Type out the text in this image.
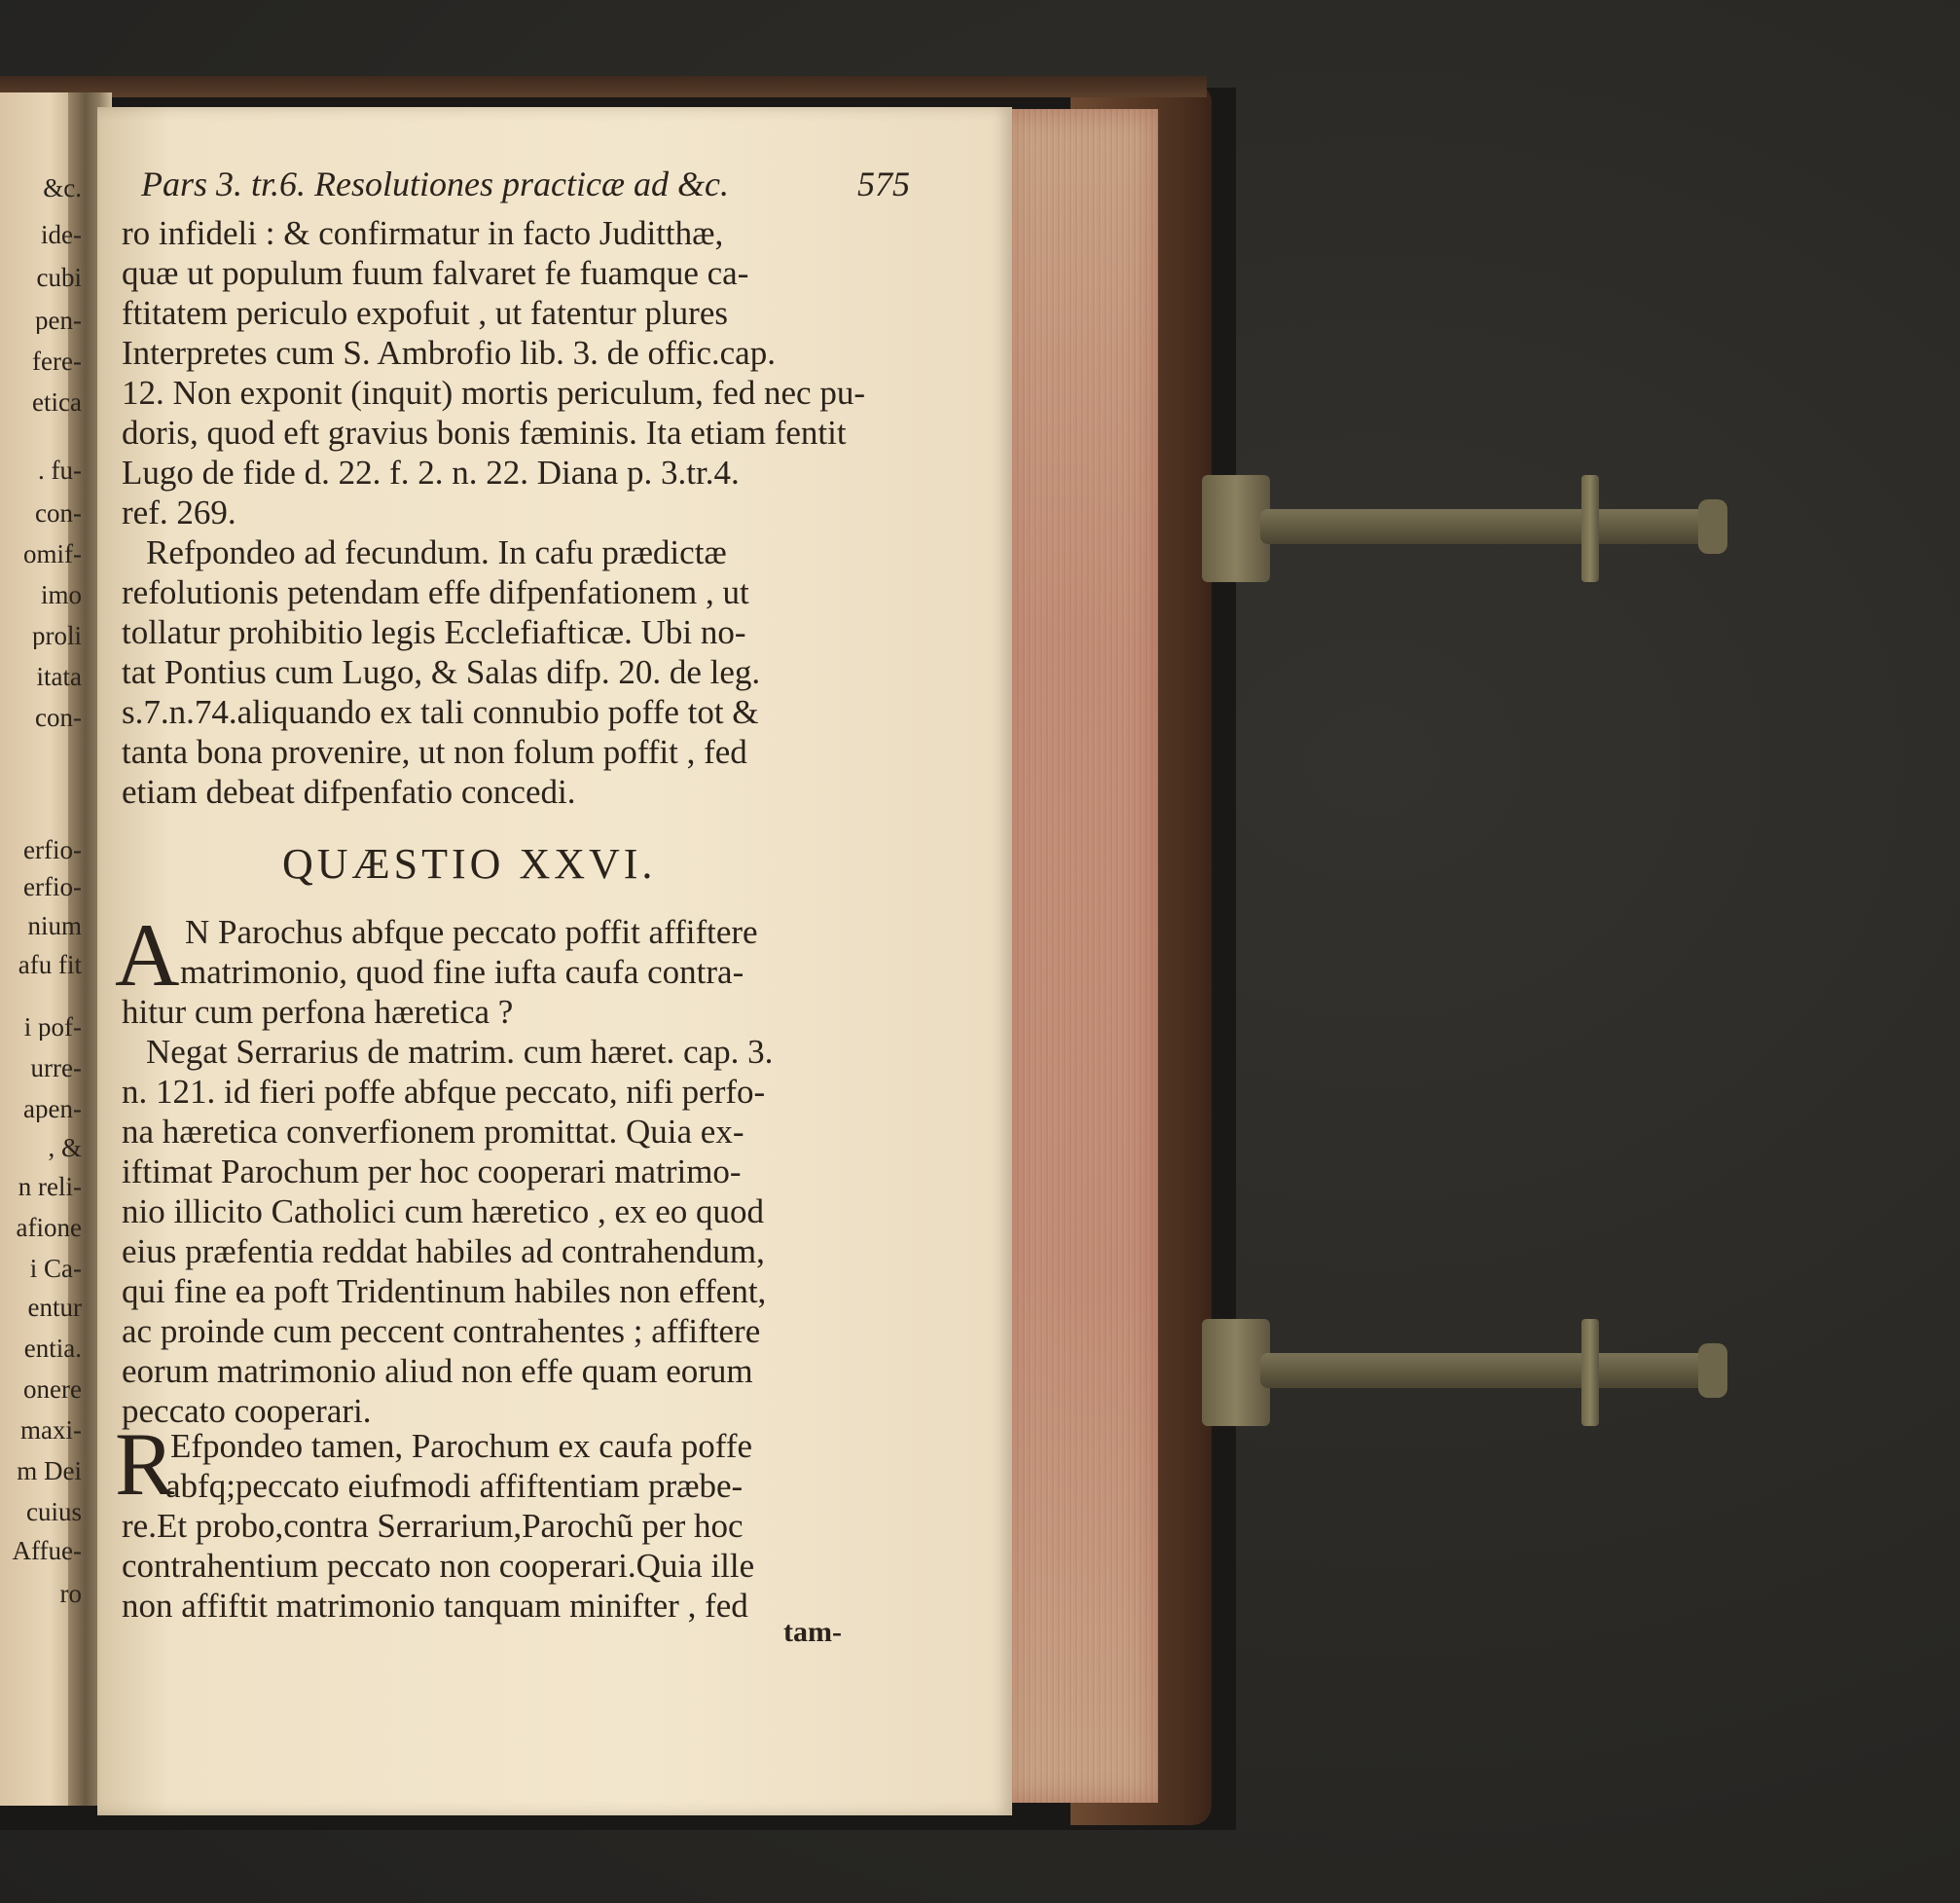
&c.
ide-
cubi
pen-
fere-
etica
. fu-
con-
omif-
imo
proli
itata
con-
erfio-
erfio-
nium
afu fit
i pof-
urre-
apen-
, &
n reli-
afione
i Ca-
entur
entia.
onere
maxi-
m Dei
cuius
Affue-
ro
Pars 3. tr.6. Resolutiones practicæ ad &c.	575
ro infideli : & confirmatur in facto Juditthæ,
quæ ut populum fuum falvaret fe fuamque ca-
ftitatem periculo expofuit , ut fatentur plures
Interpretes cum S. Ambrofio lib. 3. de offic.cap.
12. Non exponit (inquit) mortis periculum, fed nec pu-
doris, quod eft gravius bonis fæminis. Ita etiam fentit
Lugo de fide d. 22. f. 2. n. 22. Diana p. 3.tr.4.
ref. 269.
Refpondeo ad fecundum. In cafu prædictæ
refolutionis petendam effe difpenfationem , ut
tollatur prohibitio legis Ecclefiafticæ. Ubi no-
tat Pontius cum Lugo, & Salas difp. 20. de leg.
s.7.n.74.aliquando ex tali connubio poffe tot &
tanta bona provenire, ut non folum poffit , fed
etiam debeat difpenfatio concedi.
QUÆSTIO XXVI.
A N Parochus abfque peccato poffit affiftere
matrimonio, quod fine iufta caufa contra-
hitur cum perfona hæretica ?
Negat Serrarius de matrim. cum hæret. cap. 3.
n. 121. id fieri poffe abfque peccato, nifi perfo-
na hæretica converfionem promittat. Quia ex-
iftimat Parochum per hoc cooperari matrimo-
nio illicito Catholici cum hæretico , ex eo quod
eius præfentia reddat habiles ad contrahendum,
qui fine ea poft Tridentinum habiles non effent,
ac proinde cum peccent contrahentes ; affiftere
eorum matrimonio aliud non effe quam eorum
peccato cooperari.
R
Efpondeo tamen, Parochum ex caufa poffe
abfq;peccato eiufmodi affiftentiam præbe-
re.Et probo,contra Serrarium,Parochũ per hoc
contrahentium peccato non cooperari.Quia ille
non affiftit matrimonio tanquam minifter , fed
tam-
